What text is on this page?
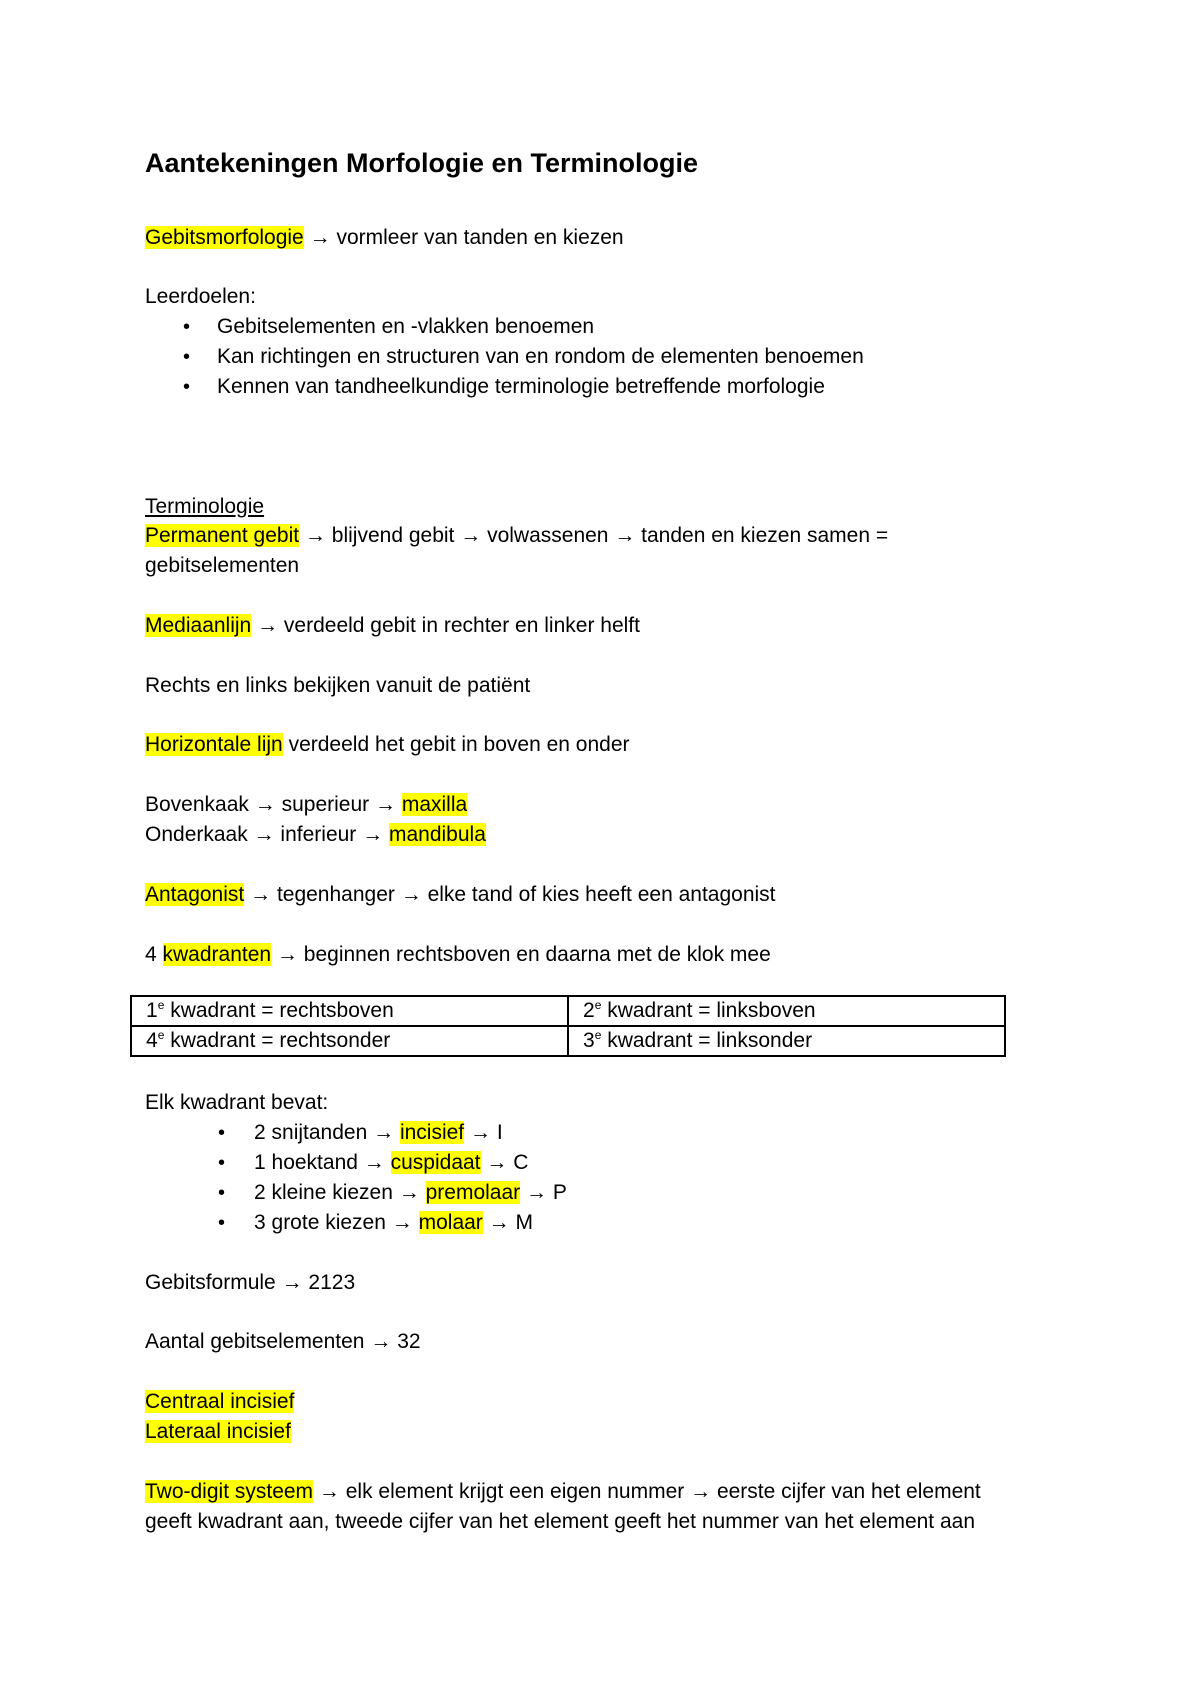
Aantekeningen Morfologie en Terminologie
Gebitsmorfologie → vormleer van tanden en kiezen
Leerdoelen:
• Gebitselementen en -vlakken benoemen
• Kan richtingen en structuren van en rondom de elementen benoemen
• Kennen van tandheelkundige terminologie betreffende morfologie
Terminologie
Permanent gebit → blijvend gebit → volwassenen → tanden en kiezen samen =
gebitselementen
Mediaanlijn → verdeeld gebit in rechter en linker helft
Rechts en links bekijken vanuit de patiënt
Horizontale lijn verdeeld het gebit in boven en onder
Bovenkaak → superieur → maxilla
Onderkaak → inferieur → mandibula
Antagonist → tegenhanger → elke tand of kies heeft een antagonist
4 kwadranten → beginnen rechtsboven en daarna met de klok mee
1e kwadrant = rechtsboven	2e kwadrant = linksboven
4e kwadrant = rechtsonder	3e kwadrant = linksonder
Elk kwadrant bevat:
• 2 snijtanden → incisief → I
• 1 hoektand → cuspidaat → C
• 2 kleine kiezen → premolaar → P
• 3 grote kiezen → molaar → M
Gebitsformule → 2123
Aantal gebitselementen → 32
Centraal incisief
Lateraal incisief
Two-digit systeem → elk element krijgt een eigen nummer → eerste cijfer van het element
geeft kwadrant aan, tweede cijfer van het element geeft het nummer van het element aan
